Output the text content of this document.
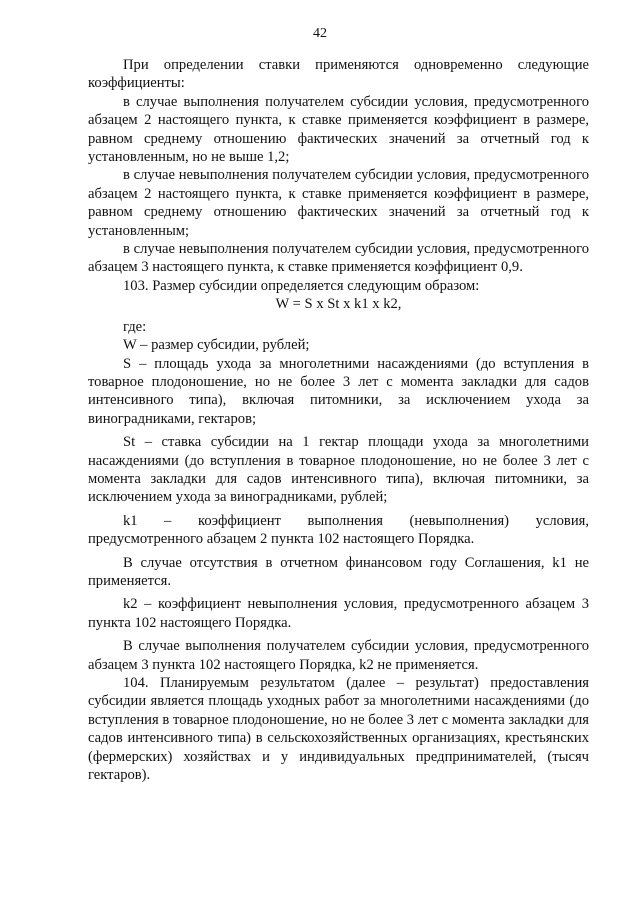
42

При определении ставки применяются одновременно следующие коэффициенты:

в случае выполнения получателем субсидии условия, предусмотренного абзацем 2 настоящего пункта, к ставке применяется коэффициент в размере, равном среднему отношению фактических значений за отчетный год к установленным, но не выше 1,2;

в случае невыполнения получателем субсидии условия, предусмотренного абзацем 2 настоящего пункта, к ставке применяется коэффициент в размере, равном среднему отношению фактических значений за отчетный год к установленным;

в случае невыполнения получателем субсидии условия, предусмотренного абзацем 3 настоящего пункта, к ставке применяется коэффициент 0,9.

103. Размер субсидии определяется следующим образом:

W = S x St x k1 x k2,

где:

W – размер субсидии, рублей;

S – площадь ухода за многолетними насаждениями (до вступления в товарное плодоношение, но не более 3 лет с момента закладки для садов интенсивного типа), включая питомники, за исключением ухода за виноградниками, гектаров;

St – ставка субсидии на 1 гектар площади ухода за многолетними насаждениями (до вступления в товарное плодоношение, но не более 3 лет с момента закладки для садов интенсивного типа), включая питомники, за исключением ухода за виноградниками, рублей;

k1 – коэффициент выполнения (невыполнения) условия, предусмотренного абзацем 2 пункта 102 настоящего Порядка.

В случае отсутствия в отчетном финансовом году Соглашения, k1 не применяется.

k2 – коэффициент невыполнения условия, предусмотренного абзацем 3 пункта 102 настоящего Порядка.

В случае выполнения получателем субсидии условия, предусмотренного абзацем 3 пункта 102 настоящего Порядка, k2 не применяется.

104. Планируемым результатом (далее – результат) предоставления субсидии является площадь уходных работ за многолетними насаждениями (до вступления в товарное плодоношение, но не более 3 лет с момента закладки для садов интенсивного типа) в сельскохозяйственных организациях, крестьянских (фермерских) хозяйствах и у индивидуальных предпринимателей, (тысяч гектаров).
